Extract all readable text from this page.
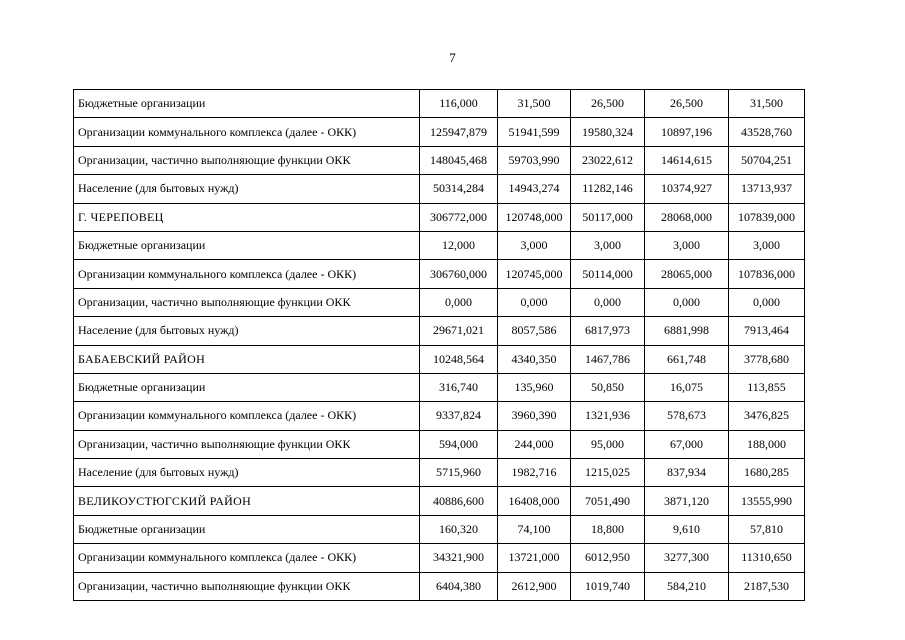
7
Бюджетные организации	116,000	31,500	26,500	26,500	31,500
Организации коммунального комплекса (далее - ОКК)	125947,879	51941,599	19580,324	10897,196	43528,760
Организации, частично выполняющие функции ОКК	148045,468	59703,990	23022,612	14614,615	50704,251
Население (для бытовых нужд)	50314,284	14943,274	11282,146	10374,927	13713,937
Г. ЧЕРЕПОВЕЦ	306772,000	120748,000	50117,000	28068,000	107839,000
Бюджетные организации	12,000	3,000	3,000	3,000	3,000
Организации коммунального комплекса (далее - ОКК)	306760,000	120745,000	50114,000	28065,000	107836,000
Организации, частично выполняющие функции ОКК	0,000	0,000	0,000	0,000	0,000
Население (для бытовых нужд)	29671,021	8057,586	6817,973	6881,998	7913,464
БАБАЕВСКИЙ РАЙОН	10248,564	4340,350	1467,786	661,748	3778,680
Бюджетные организации	316,740	135,960	50,850	16,075	113,855
Организации коммунального комплекса (далее - ОКК)	9337,824	3960,390	1321,936	578,673	3476,825
Организации, частично выполняющие функции ОКК	594,000	244,000	95,000	67,000	188,000
Население (для бытовых нужд)	5715,960	1982,716	1215,025	837,934	1680,285
ВЕЛИКОУСТЮГСКИЙ РАЙОН	40886,600	16408,000	7051,490	3871,120	13555,990
Бюджетные организации	160,320	74,100	18,800	9,610	57,810
Организации коммунального комплекса (далее - ОКК)	34321,900	13721,000	6012,950	3277,300	11310,650
Организации, частично выполняющие функции ОКК	6404,380	2612,900	1019,740	584,210	2187,530
